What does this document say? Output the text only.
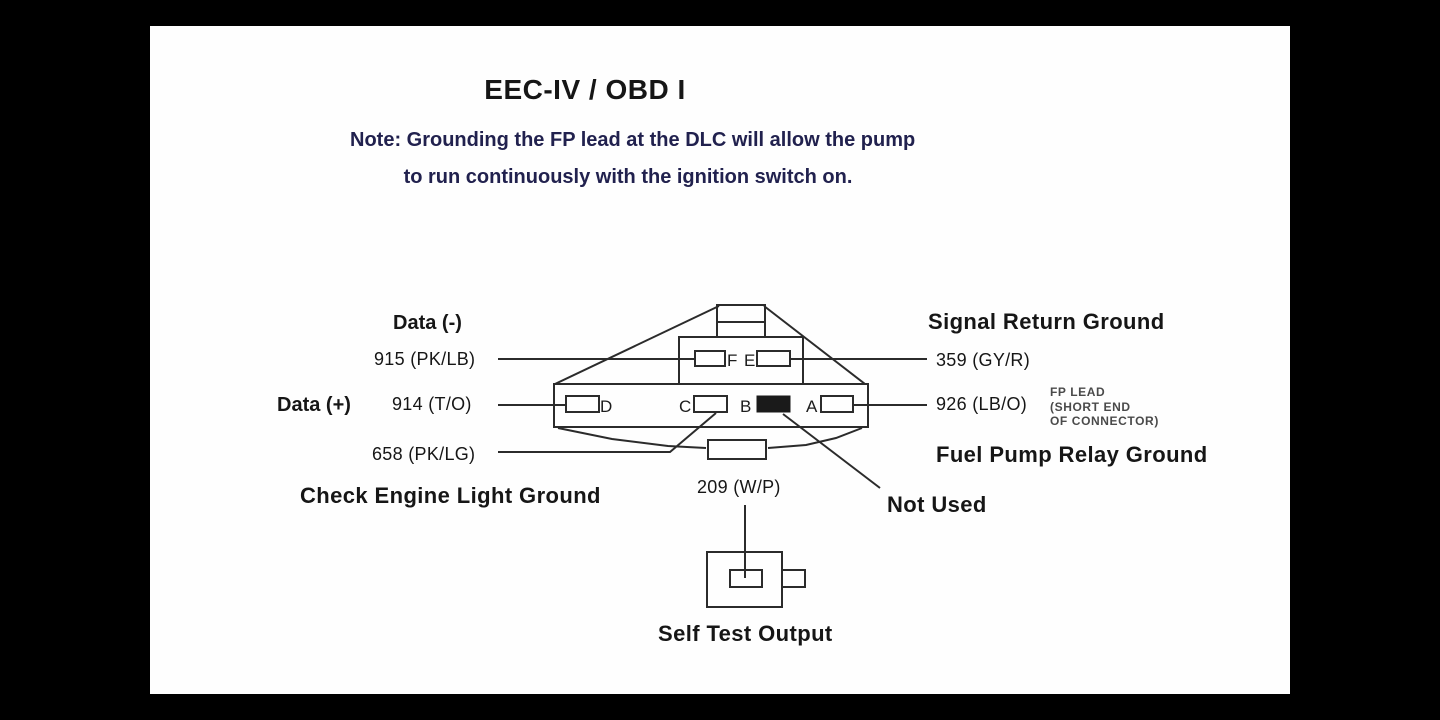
F E
D	C	B	A
EEC-IV / OBD I
Note: Grounding the FP lead at the DLC will allow the pump
to run continuously with the ignition switch on.
Data (-)
915 (PK/LB)
Data (+) 914 (T/O)
658 (PK/LG)
Check Engine Light Ground
Signal Return Ground
359 (GY/R)
926 (LB/O)
FP LEAD
(SHORT END
OF CONNECTOR)
Fuel Pump Relay Ground
209 (W/P)
Not Used
Self Test Output
